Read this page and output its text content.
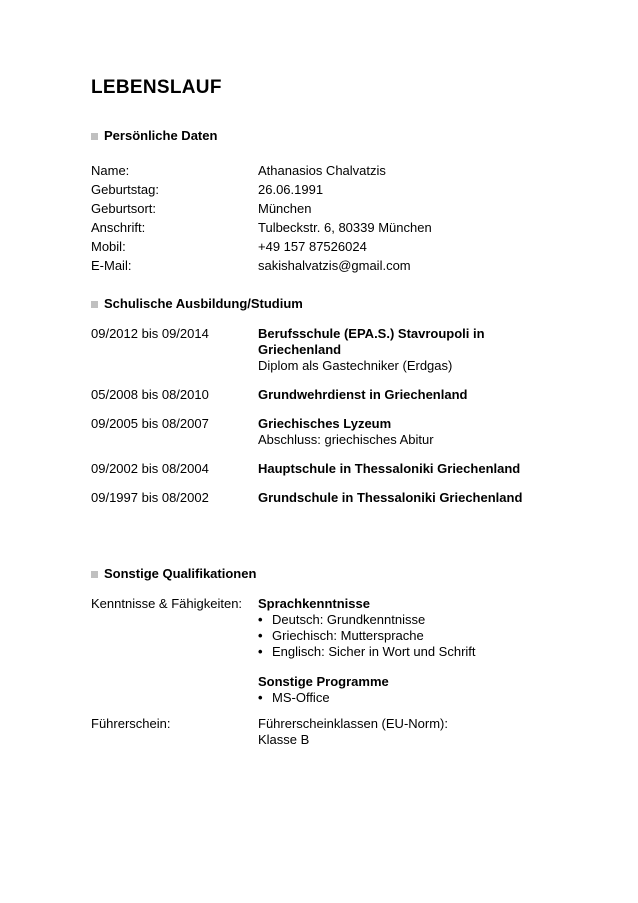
LEBENSLAUF
Persönliche Daten
Name:	Athanasios Chalvatzis
Geburtstag:	26.06.1991
Geburtsort:	München
Anschrift:	Tulbeckstr. 6, 80339 München
Mobil:	+49 157 87526024
E-Mail:	sakishalvatzis@gmail.com
Schulische Ausbildung/Studium
09/2012 bis 09/2014	Berufsschule (EPA.S.) Stavroupoli in
Griechenland
Diplom als Gastechniker (Erdgas)
05/2008 bis 08/2010	Grundwehrdienst in Griechenland
09/2005 bis 08/2007	Griechisches Lyzeum
Abschluss: griechisches Abitur
09/2002 bis 08/2004	Hauptschule in Thessaloniki Griechenland
09/1997 bis 08/2002	Grundschule in Thessaloniki Griechenland
Sonstige Qualifikationen
Kenntnisse & Fähigkeiten:	Sprachkenntnisse
• Deutsch: Grundkenntnisse
• Griechisch: Muttersprache
• Englisch: Sicher in Wort und Schrift
Sonstige Programme
• MS-Office
Führerschein:	Führerscheinklassen (EU-Norm):
Klasse B
